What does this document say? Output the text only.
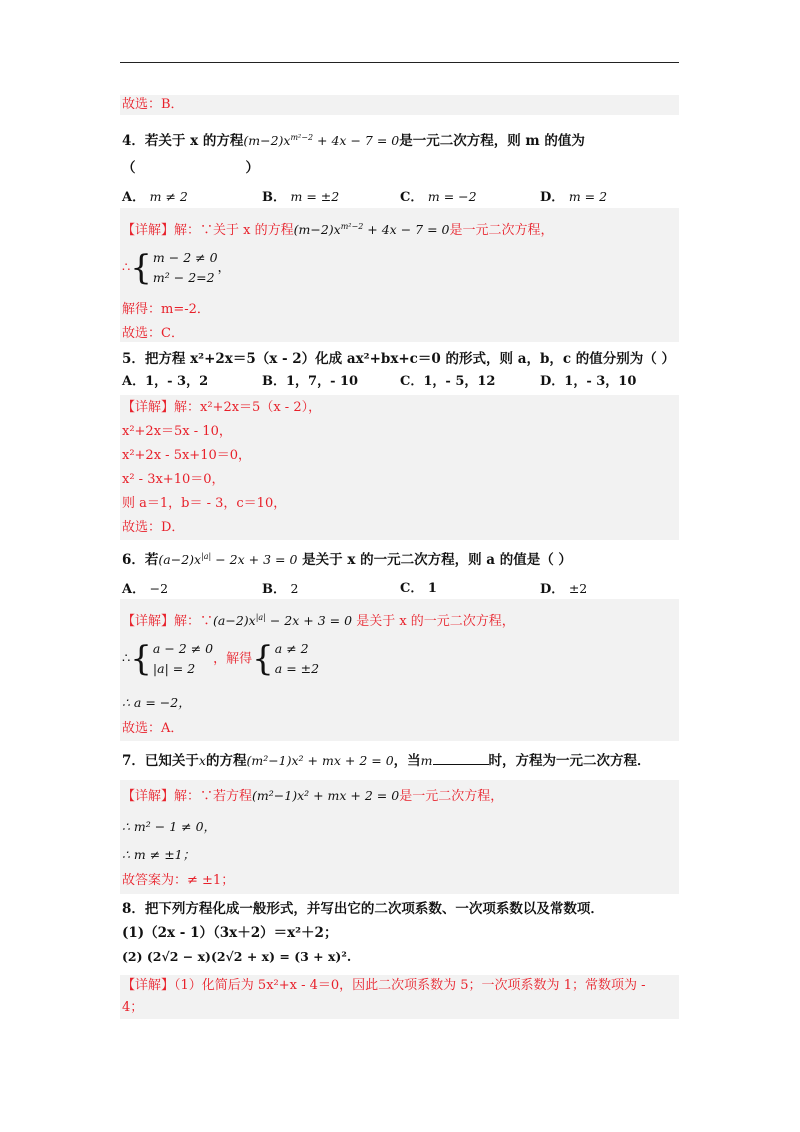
故选：B．
4．若关于 x 的方程$(m-2)x^{m^2-2} + 4x - 7 = 0$是一元二次方程，则 m 的值为
（	）
A． m ≠ 2	B． m = ±2	C． m = −2	D． m = 2
【详解】解：∵关于 x 的方程$(m-2)x^{m^2-2} + 4x - 7 = 0$是一元二次方程，
∴{m − 2 ≠ 0
m² − 2=2，
解得：m=-2．
故选：C．
5．把方程 x²+2x＝5（x - 2）化成 ax²+bx+c＝0 的形式，则 a，b，c 的值分别为（ ）
A．1，- 3，2	B．1，7，- 10	C．1，- 5，12	D．1，- 3，10
【详解】解：x²+2x＝5（x - 2），
x²+2x＝5x - 10，
x²+2x - 5x+10＝0，
x² - 3x+10＝0，
则 a＝1，b＝ - 3，c＝10，
故选：D．
6．若$(a-2)x^{|a|} - 2x + 3 = 0$ 是关于 x 的一元二次方程，则 a 的值是（ ）
A． −2	B． 2	C． 1	D． ±2
【详解】解：$\because(a-2)x^{|a|} - 2x + 3 = 0$ 是关于 x 的一元二次方程，
∴{a − 2 ≠ 0
|a| = 2，解得{a ≠ 2
a = ±2
∴ a = −2，
故选：A．
7．已知关于x的方程(m²−1)x² + mx + 2 = 0，当m	时，方程为一元二次方程．
【详解】解：∵若方程(m²−1)x² + mx + 2 = 0是一元二次方程，
∴ m² − 1 ≠ 0，
∴ m ≠ ±1；
故答案为：≠ ±1；
8．把下列方程化成一般形式，并写出它的二次项系数、一次项系数以及常数项．
(1)（2x - 1）（3x＋2）＝x²＋2；
(2) (2√2 − x)(2√2 + x) = (3 + x)².
【详解】（1）化简后为 5x²+x - 4＝0，因此二次项系数为 5；一次项系数为 1；常数项为 -
4；
